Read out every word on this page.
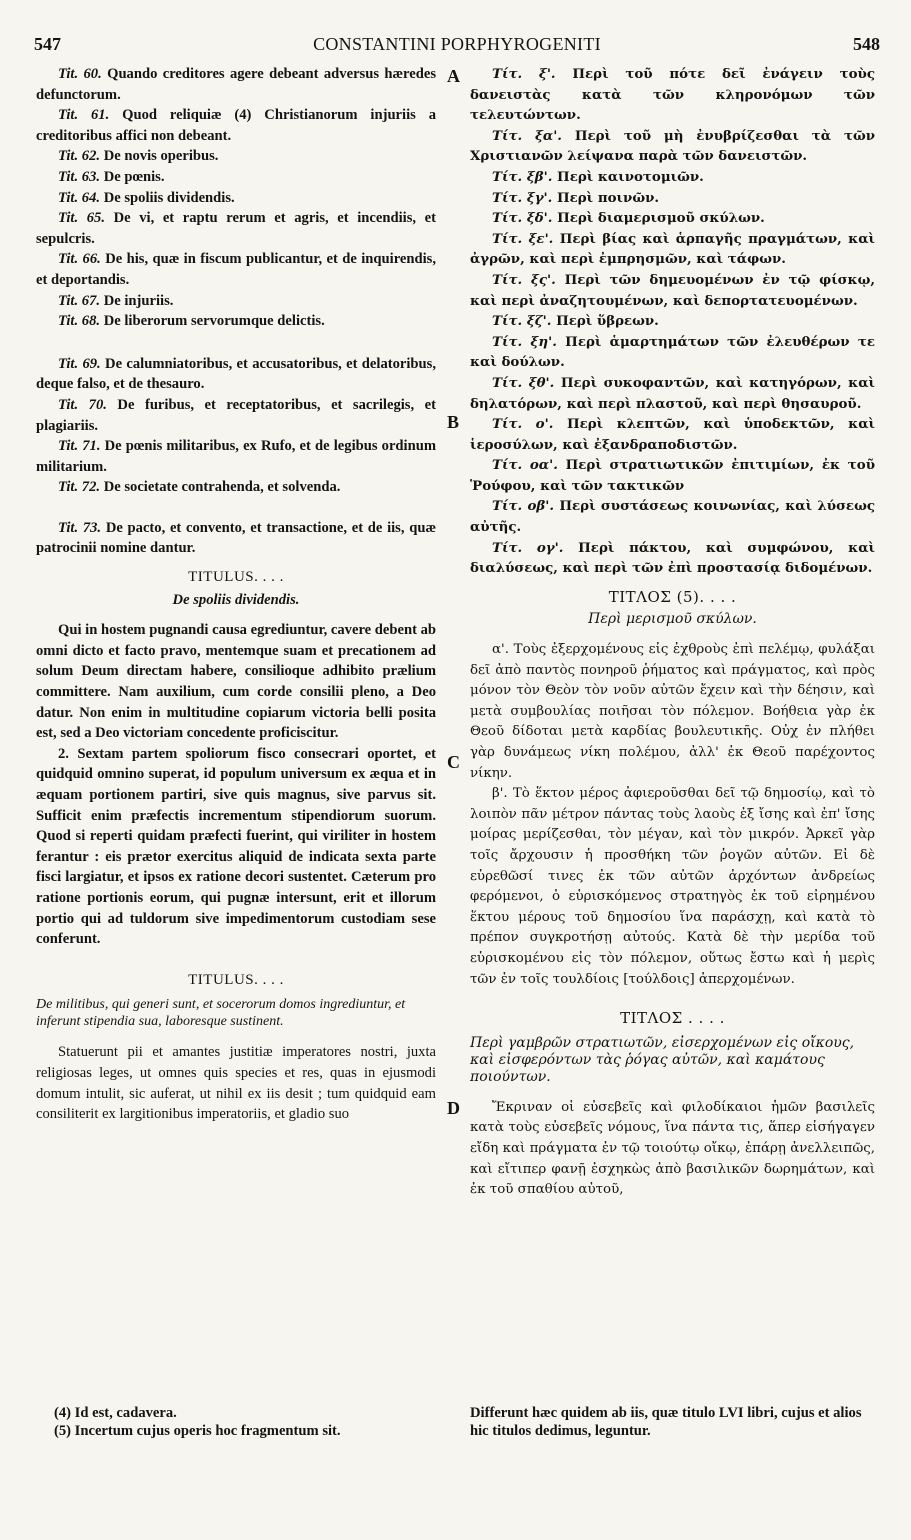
547	CONSTANTINI PORPHYROGENITI	548
A
B
C
D

Tit. 60. Quando creditores agere debeant adversus hæredes defunctorum.

Tit. 61. Quod reliquiæ (4) Christianorum injuriis a creditoribus affici non debeant.

Tit. 62. De novis operibus.

Tit. 63. De pœnis.

Tit. 64. De spoliis dividendis.

Tit. 65. De vi, et raptu rerum et agris, et incendiis, et sepulcris.

Tit. 66. De his, quæ in fiscum publicantur, et de inquirendis, et deportandis.

Tit. 67. De injuriis.

Tit. 68. De liberorum servorumque delictis.

Tit. 69. De calumniatoribus, et accusatoribus, et delatoribus, deque falso, et de thesauro.

Tit. 70. De furibus, et receptatoribus, et sacrilegis, et plagiariis.

Tit. 71. De pœnis militaribus, ex Rufo, et de legibus ordinum militarium.

Tit. 72. De societate contrahenda, et solvenda.

Tit. 73. De pacto, et convento, et transactione, et de iis, quæ patrocinii nomine dantur.

TITULUS. . . .
De spoliis dividendis.

Qui in hostem pugnandi causa egrediuntur, cavere debent ab omni dicto et facto pravo, mentemque suam et precationem ad solum Deum directam habere, consilioque adhibito prælium committere. Nam auxilium, cum corde consilii pleno, a Deo datur. Non enim in multitudine copiarum victoria belli posita est, sed a Deo victoriam concedente proficiscitur.

2. Sextam partem spoliorum fisco consecrari oportet, et quidquid omnino superat, id populum universum ex æqua et in æquam portionem partiri, sive quis magnus, sive parvus sit. Sufficit enim præfectis incrementum stipendiorum suorum. Quod si reperti quidam præfecti fuerint, qui viriliter in hostem ferantur : eis prætor exercitus aliquid de indicata sexta parte fisci largiatur, et ipsos ex ratione decori sustentet. Cæterum pro ratione portionis eorum, qui pugnæ intersunt, erit et illorum portio qui ad tuldorum sive impedimentorum custodiam sese conferunt.

TITULUS. . . .
De militibus, qui generi sunt, et socerorum domos ingrediuntur, et inferunt stipendia sua, laboresque sustinent.

Statuerunt pii et amantes justitiæ imperatores nostri, juxta religiosas leges, ut omnes quis species et res, quas in ejusmodi domum intulit, sic auferat, ut nihil ex iis desit ; tum quidquid eam consiliterit ex largitionibus imperatoriis, et gladio suo

Τίτ. ξ'. Περὶ τοῦ πότε δεῖ ἐνάγειν τοὺς δανειστὰς κατὰ τῶν κληρονόμων τῶν τελευτώντων.

Τίτ. ξα'. Περὶ τοῦ μὴ ἐνυβρίζεσθαι τὰ τῶν Χριστιανῶν λείψανα παρὰ τῶν δανειστῶν.

Τίτ. ξβ'. Περὶ καινοτομιῶν.

Τίτ. ξγ'. Περὶ ποινῶν.

Τίτ. ξδ'. Περὶ διαμερισμοῦ σκύλων.

Τίτ. ξε'. Περὶ βίας καὶ ἁρπαγῆς πραγμάτων, καὶ ἀγρῶν, καὶ περὶ ἐμπρησμῶν, καὶ τάφων.

Τίτ. ξς'. Περὶ τῶν δημευομένων ἐν τῷ φίσκῳ, καὶ περὶ ἀναζητουμένων, καὶ δεπορτατευομένων.

Τίτ. ξζ'. Περὶ ὕβρεων.

Τίτ. ξη'. Περὶ ἁμαρτημάτων τῶν ἐλευθέρων τε καὶ δούλων.

Τίτ. ξθ'. Περὶ συκοφαντῶν, καὶ κατηγόρων, καὶ δηλατόρων, καὶ περὶ πλαστοῦ, καὶ περὶ θησαυροῦ.

Τίτ. ο'. Περὶ κλεπτῶν, καὶ ὑποδεκτῶν, καὶ ἱεροσύλων, καὶ ἐξανδραποδιστῶν.

Τίτ. οα'. Περὶ στρατιωτικῶν ἐπιτιμίων, ἐκ τοῦ Ῥούφου, καὶ τῶν τακτικῶν

Τίτ. οβ'. Περὶ συστάσεως κοινωνίας, καὶ λύσεως αὐτῆς.

Τίτ. ογ'. Περὶ πάκτου, καὶ συμφώνου, καὶ διαλύσεως, καὶ περὶ τῶν ἐπὶ προστασίᾳ διδομένων.

ΤΙΤΛΟΣ (5). . . .
Περὶ μερισμοῦ σκύλων.

α'. Τοὺς ἐξερχομένους εἰς ἐχθροὺς ἐπὶ πελέμῳ, φυλάξαι δεῖ ἀπὸ παντὸς πονηροῦ ῥήματος καὶ πράγματος, καὶ πρὸς μόνον τὸν Θεὸν τὸν νοῦν αὐτῶν ἔχειν καὶ τὴν δέησιν, καὶ μετὰ συμβουλίας ποιῆσαι τὸν πόλεμον. Βοήθεια γὰρ ἐκ Θεοῦ δίδοται μετὰ καρδίας βουλευτικῆς. Οὐχ ἐν πλήθει γὰρ δυνάμεως νίκη πολέμου, ἀλλ' ἐκ Θεοῦ παρέχοντος νίκην.

β'. Τὸ ἕκτον μέρος ἀφιεροῦσθαι δεῖ τῷ δημοσίῳ, καὶ τὸ λοιπὸν πᾶν μέτρον πάντας τοὺς λαοὺς ἐξ ἴσης καὶ ἐπ' ἴσης μοίρας μερίζεσθαι, τὸν μέγαν, καὶ τὸν μικρόν. Ἀρκεῖ γὰρ τοῖς ἄρχουσιν ἡ προσθήκη τῶν ῥογῶν αὐτῶν. Εἰ δὲ εὑρεθῶσί τινες ἐκ τῶν αὐτῶν ἀρχόντων ἀνδρείως φερόμενοι, ὁ εὑρισκόμενος στρατηγὸς ἐκ τοῦ εἰρημένου ἕκτου μέρους τοῦ δημοσίου ἵνα παράσχῃ, καὶ κατὰ τὸ πρέπον συγκροτήσῃ αὐτούς. Κατὰ δὲ τὴν μερίδα τοῦ εὑρισκομένου εἰς τὸν πόλεμον, οὕτως ἔστω καὶ ἡ μερὶς τῶν ἐν τοῖς τουλδίοις [τούλδοις] ἀπερχομένων.

ΤΙΤΛΟΣ . . . .
Περὶ γαμβρῶν στρατιωτῶν, εἰσερχομένων εἰς οἴκους, καὶ εἰσφερόντων τὰς ῥόγας αὐτῶν, καὶ καμάτους ποιούντων.

Ἔκριναν οἱ εὐσεβεῖς καὶ φιλοδίκαιοι ἡμῶν βασιλεῖς κατὰ τοὺς εὐσεβεῖς νόμους, ἵνα πάντα τις, ἅπερ εἰσήγαγεν εἴδη καὶ πράγματα ἐν τῷ τοιούτῳ οἴκῳ, ἐπάρῃ ἀνελλειπῶς, καὶ εἴτιπερ φανῇ ἐσχηκὼς ἀπὸ βασιλικῶν δωρημάτων, καὶ ἐκ τοῦ σπαθίου αὐτοῦ,

(4) Id est, cadavera.
(5) Incertum cujus operis hoc fragmentum sit.
Differunt hæc quidem ab iis, quæ titulo LVI libri, cujus et alios hic titulos dedimus, leguntur.
